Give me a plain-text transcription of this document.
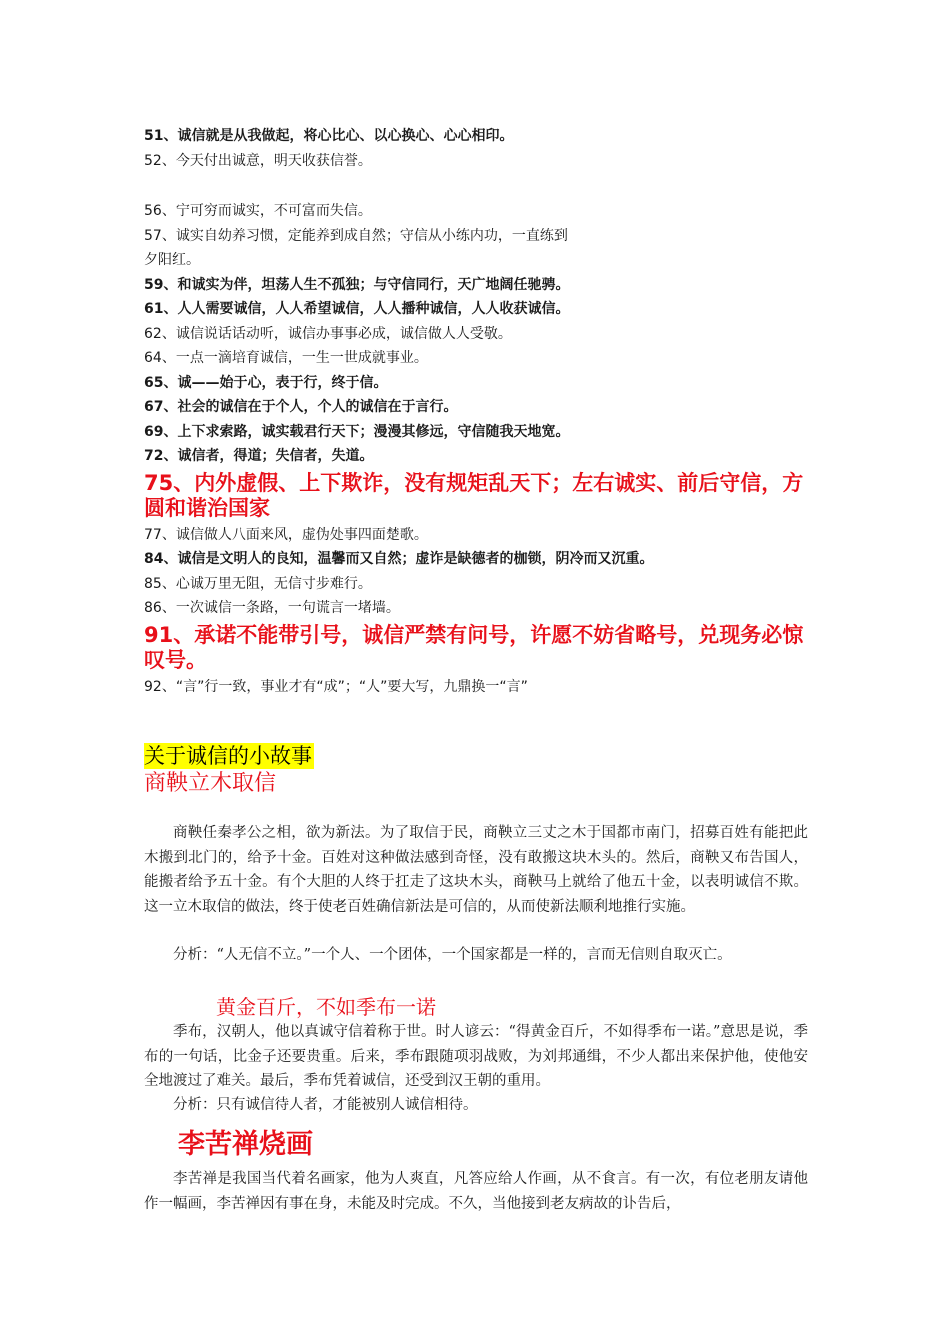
51、诚信就是从我做起，将心比心、以心换心、心心相印。
52、今天付出诚意，明天收获信誉。
56、宁可穷而诚实，不可富而失信。
57、诚实自幼养习惯，定能养到成自然；守信从小练内功，一直练到
夕阳红。
59、和诚实为伴，坦荡人生不孤独；与守信同行，天广地阔任驰骋。
61、人人需要诚信，人人希望诚信，人人播种诚信，人人收获诚信。
62、诚信说话话动听，诚信办事事必成，诚信做人人受敬。
64、一点一滴培育诚信，一生一世成就事业。
65、诚——始于心，表于行，终于信。
67、社会的诚信在于个人，个人的诚信在于言行。
69、上下求索路，诚实载君行天下；漫漫其修远，守信随我天地宽。
72、诚信者，得道；失信者，失道。
75、内外虚假、上下欺诈，没有规矩乱天下；左右诚实、前后守信，方圆和谐治国家
77、诚信做人八面来风，虚伪处事四面楚歌。
84、诚信是文明人的良知，温馨而又自然；虚诈是缺德者的枷锁，阴冷而又沉重。
85、心诚万里无阻，无信寸步难行。
86、一次诚信一条路，一句谎言一堵墙。
91、承诺不能带引号，诚信严禁有问号，许愿不妨省略号，兑现务必惊叹号。
92、“言”行一致，事业才有“成”；“人”要大写，九鼎换一“言”
关于诚信的小故事
商鞅立木取信
商鞅任秦孝公之相，欲为新法。为了取信于民，商鞅立三丈之木于国都市南门，招募百姓有能把此木搬到北门的，给予十金。百姓对这种做法感到奇怪，没有敢搬这块木头的。然后，商鞅又布告国人，能搬者给予五十金。有个大胆的人终于扛走了这块木头，商鞅马上就给了他五十金，以表明诚信不欺。这一立木取信的做法，终于使老百姓确信新法是可信的，从而使新法顺利地推行实施。
分析：“人无信不立。”一个人、一个团体，一个国家都是一样的，言而无信则自取灭亡。
黄金百斤，不如季布一诺
季布，汉朝人，他以真诚守信着称于世。时人谚云：“得黄金百斤，不如得季布一诺。”意思是说，季布的一句话，比金子还要贵重。后来，季布跟随项羽战败，为刘邦通缉，不少人都出来保护他，使他安全地渡过了难关。最后，季布凭着诚信，还受到汉王朝的重用。
分析：只有诚信待人者，才能被别人诚信相待。
李苦禅烧画
李苦禅是我国当代着名画家，他为人爽直，凡答应给人作画，从不食言。有一次，有位老朋友请他作一幅画，李苦禅因有事在身，未能及时完成。不久，当他接到老友病故的讣告后，
